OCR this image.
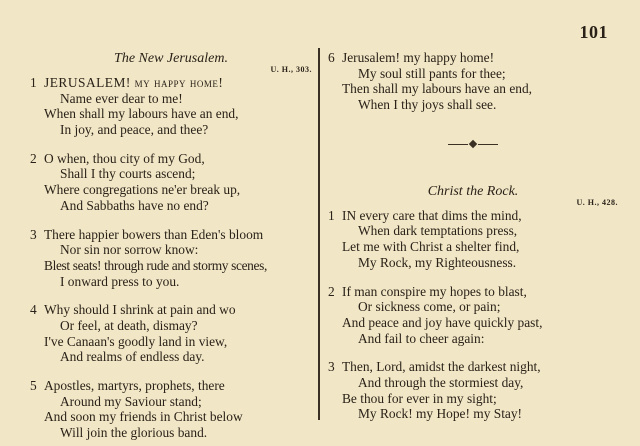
101
The New Jerusalem.
U. H., 303.
1 JERUSALEM! my happy home!
Name ever dear to me!
When shall my labours have an end,
In joy, and peace, and thee?
2 O when, thou city of my God,
Shall I thy courts ascend;
Where congregations ne'er break up,
And Sabbaths have no end?
3 There happier bowers than Eden's bloom
Nor sin nor sorrow know:
Blest seats! through rude and stormy scenes,
I onward press to you.
4 Why should I shrink at pain and wo
Or feel, at death, dismay?
I've Canaan's goodly land in view,
And realms of endless day.
5 Apostles, martyrs, prophets, there
Around my Saviour stand;
And soon my friends in Christ below
Will join the glorious band.
6 Jerusalem! my happy home!
My soul still pants for thee;
Then shall my labours have an end,
When I thy joys shall see.
Christ the Rock.
U. H., 428.
1 IN every care that dims the mind,
When dark temptations press,
Let me with Christ a shelter find,
My Rock, my Righteousness.
2 If man conspire my hopes to blast,
Or sickness come, or pain;
And peace and joy have quickly past,
And fail to cheer again:
3 Then, Lord, amidst the darkest night,
And through the stormiest day,
Be thou for ever in my sight;
My Rock! my Hope! my Stay!
